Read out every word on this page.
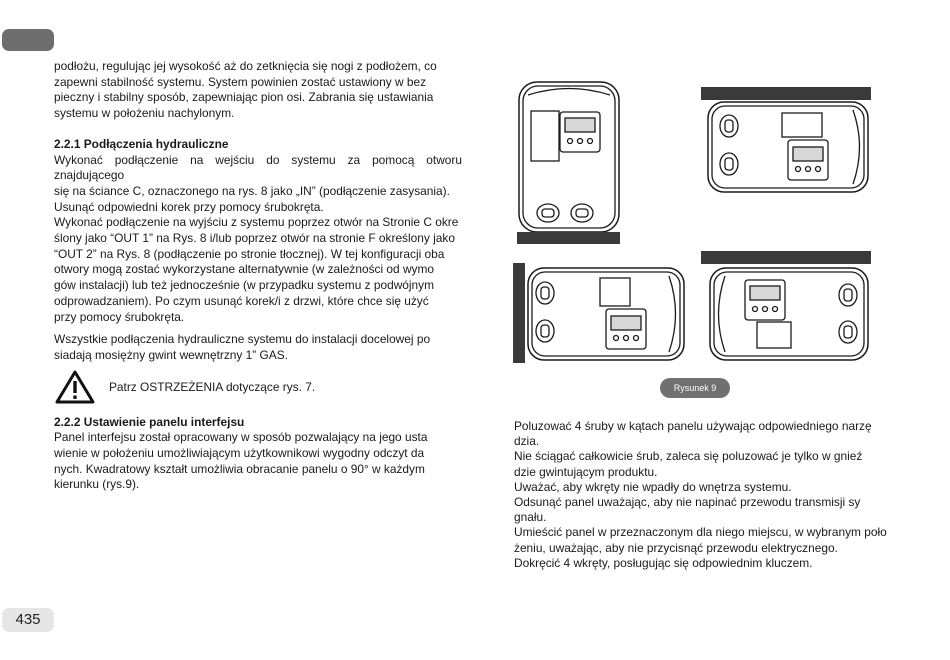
podłożu, regulując jej wysokość aż do zetknięcia się nogi z podłożem, co

zapewni stabilność systemu. System powinien zostać ustawiony w bez

pieczny i stabilny sposób, zapewniając pion osi. Zabrania się ustawiania

systemu w położeniu nachylonym.

2.2.1 Podłączenia hydrauliczne

Wykonać podłączenie na wejściu do systemu za pomocą otworu znajdującego

się na ściance C, oznaczonego na rys. 8 jako „IN” (podłączenie zasysania).

Usunąć odpowiedni korek przy pomocy śrubokręta.

Wykonać podłączenie na wyjściu z systemu poprzez otwór na Stronie C okre

ślony jako “OUT 1” na Rys. 8 i/lub poprzez otwór na stronie F określony jako

“OUT 2” na Rys. 8 (podłączenie po stronie tłocznej). W tej konfiguracji oba

otwory mogą zostać wykorzystane alternatywnie (w zależności od wymo

gów instalacji) lub też jednocześnie (w przypadku systemu z podwójnym

odprowadzaniem). Po czym usunąć korek/i z drzwi, które chce się użyć

przy pomocy śrubokręta.

Wszystkie podłączenia hydrauliczne systemu do instalacji docelowej po

siadają mosiężny gwint wewnętrzny 1” GAS.

Patrz OSTRZEŻENIA dotyczące rys. 7.

2.2.2 Ustawienie panelu interfejsu

Panel interfejsu został opracowany w sposób pozwalający na jego usta

wienie w położeniu umożliwiającym użytkownikowi wygodny odczyt da

nych. Kwadratowy kształt umożliwia obracanie panelu o 90° w każdym

kierunku (rys.9).

Rysunek 9

Poluzować 4 śruby w kątach panelu używając odpowiedniego narzę

dzia.

Nie ściągać całkowicie śrub, zaleca się poluzować je tylko w gnieź

dzie gwintującym produktu.

Uważać, aby wkręty nie wpadły do wnętrza systemu.

Odsunąć panel uważając, aby nie napinać przewodu transmisji sy

gnału.

Umieścić panel w przeznaczonym dla niego miejscu, w wybranym poło

żeniu, uważając, aby nie przycisnąć przewodu elektrycznego.

Dokręcić 4 wkręty, posługując się odpowiednim kluczem.

435
